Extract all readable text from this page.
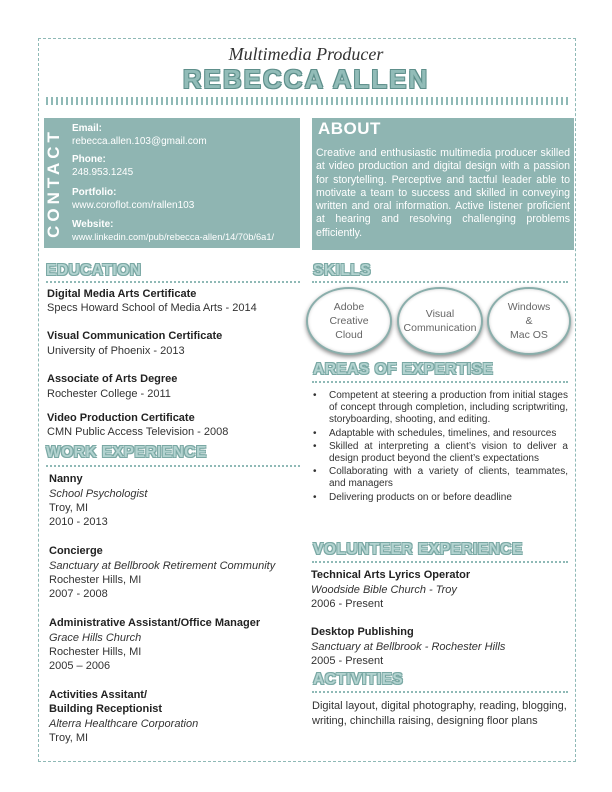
Multimedia Producer
REBECCA ALLEN
CONTACT Email:
rebecca.allen.103@gmail.com
Phone:
248.953.1245
Portfolio:
www.coroflot.com/rallen103
Website:
www.linkedin.com/pub/rebecca-allen/14/70b/6a1/
ABOUT
Creative and enthusiastic multimedia producer skilled at video production and digital design with a passion for storytelling. Perceptive and tactful leader able to motivate a team to success and skilled in conveying written and oral information. Active listener proficient at hearing and resolving challenging problems efficiently.
EDUCATION
Digital Media Arts Certificate
Specs Howard School of Media Arts - 2014
Visual Communication Certificate
University of Phoenix - 2013
Associate of Arts Degree
Rochester College - 2011
Video Production Certificate
CMN Public Access Television - 2008
WORK EXPERIENCE
Nanny
School Psychologist
Troy, MI
2010 - 2013
Concierge
Sanctuary at Bellbrook Retirement Community
Rochester Hills, MI
2007 - 2008
Administrative Assistant/Office Manager
Grace Hills Church
Rochester Hills, MI
2005 – 2006
Activities Assitant/
Building Receptionist
Alterra Healthcare Corporation
Troy, MI
SKILLS
Adobe
Creative
Cloud
Visual
Communication
Windows
&
Mac OS
AREAS OF EXPERTISE
• Competent at steering a production from initial stages of concept through completion, including scriptwriting, storyboarding, shooting, and editing.
• Adaptable with schedules, timelines, and resources
• Skilled at interpreting a client’s vision to deliver a design product beyond the client’s expectations
• Collaborating with a variety of clients, teammates, and managers
• Delivering products on or before deadline
VOLUNTEER EXPERIENCE
Technical Arts Lyrics Operator
Woodside Bible Church - Troy
2006 - Present
Desktop Publishing
Sanctuary at Bellbrook - Rochester Hills
2005 - Present
ACTIVITIES
Digital layout, digital photography, reading, blogging, writing, chinchilla raising, designing floor plans
